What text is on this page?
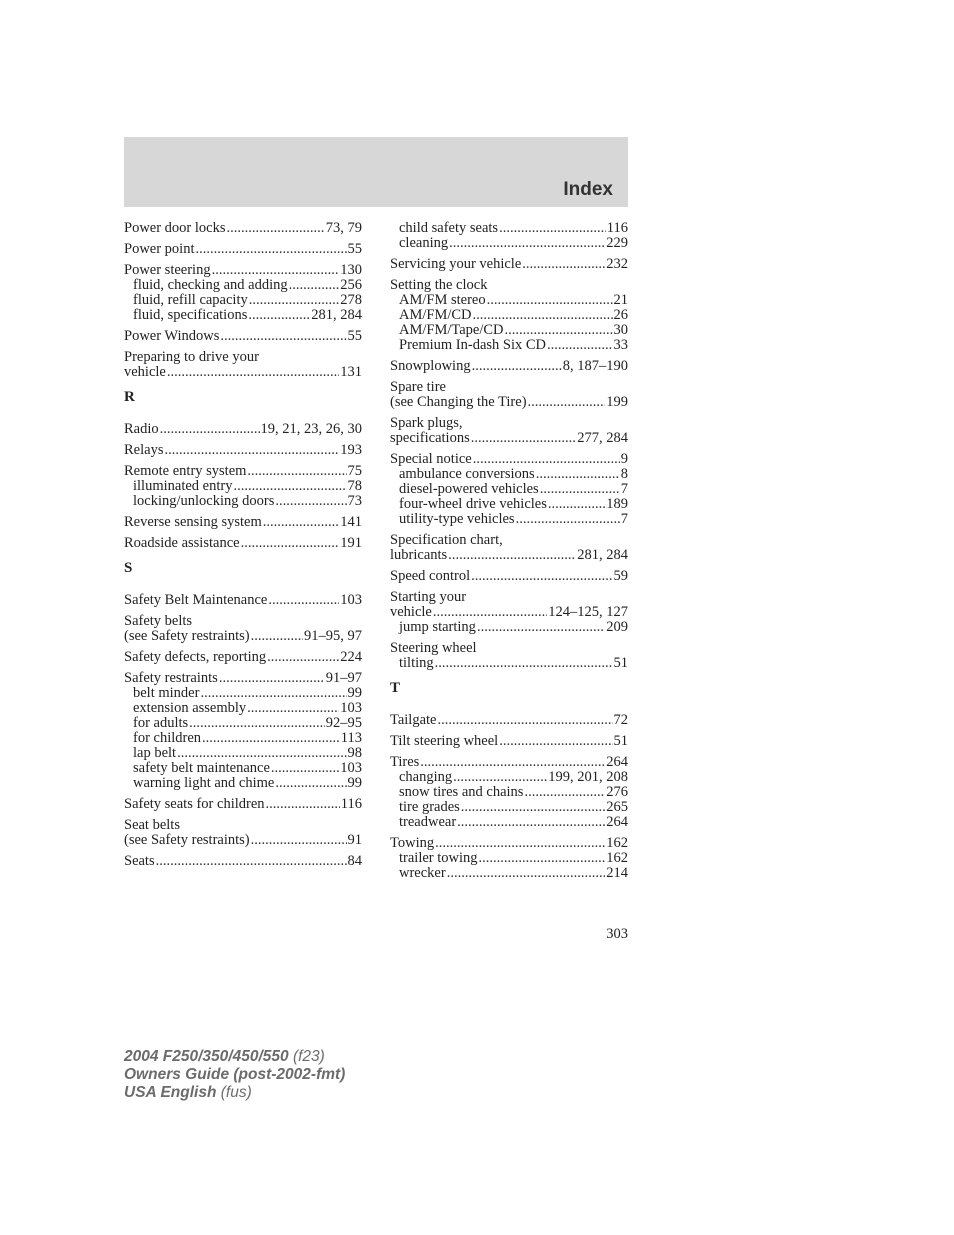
Index
Power door locks .....	73, 79
Power point .....	55
Power steering .....	130
fluid, checking and adding .....	256
fluid, refill capacity .....	278
fluid, specifications .....	281, 284
Power Windows .....	55
Preparing to drive your
vehicle .....	131
R
Radio .....	19, 21, 23, 26, 30
Relays .....	193
Remote entry system .....	75
illuminated entry .....	78
locking/unlocking doors .....	73
Reverse sensing system .....	141
Roadside assistance .....	191
S
Safety Belt Maintenance .....	103
Safety belts
(see Safety restraints) .....	91–95, 97
Safety defects, reporting .....	224
Safety restraints .....	91–97
belt minder .....	99
extension assembly .....	103
for adults .....	92–95
for children .....	113
lap belt .....	98
safety belt maintenance .....	103
warning light and chime .....	99
Safety seats for children .....	116
Seat belts
(see Safety restraints) .....	91
Seats .....	84
child safety seats .....	116
cleaning .....	229
Servicing your vehicle .....	232
Setting the clock
AM/FM stereo .....	21
AM/FM/CD .....	26
AM/FM/Tape/CD .....	30
Premium In-dash Six CD .....	33
Snowplowing .....	8, 187–190
Spare tire
(see Changing the Tire) .....	199
Spark plugs,
specifications .....	277, 284
Special notice .....	9
ambulance conversions .....	8
diesel-powered vehicles .....	7
four-wheel drive vehicles .....	189
utility-type vehicles .....	7
Specification chart,
lubricants .....	281, 284
Speed control .....	59
Starting your
vehicle .....	124–125, 127
jump starting .....	209
Steering wheel
tilting .....	51
T
Tailgate .....	72
Tilt steering wheel .....	51
Tires .....	264
changing .....	199, 201, 208
snow tires and chains .....	276
tire grades .....	265
treadwear .....	264
Towing .....	162
trailer towing .....	162
wrecker .....	214
303
2004 F250/350/450/550 (f23)
Owners Guide (post-2002-fmt)
USA English (fus)
